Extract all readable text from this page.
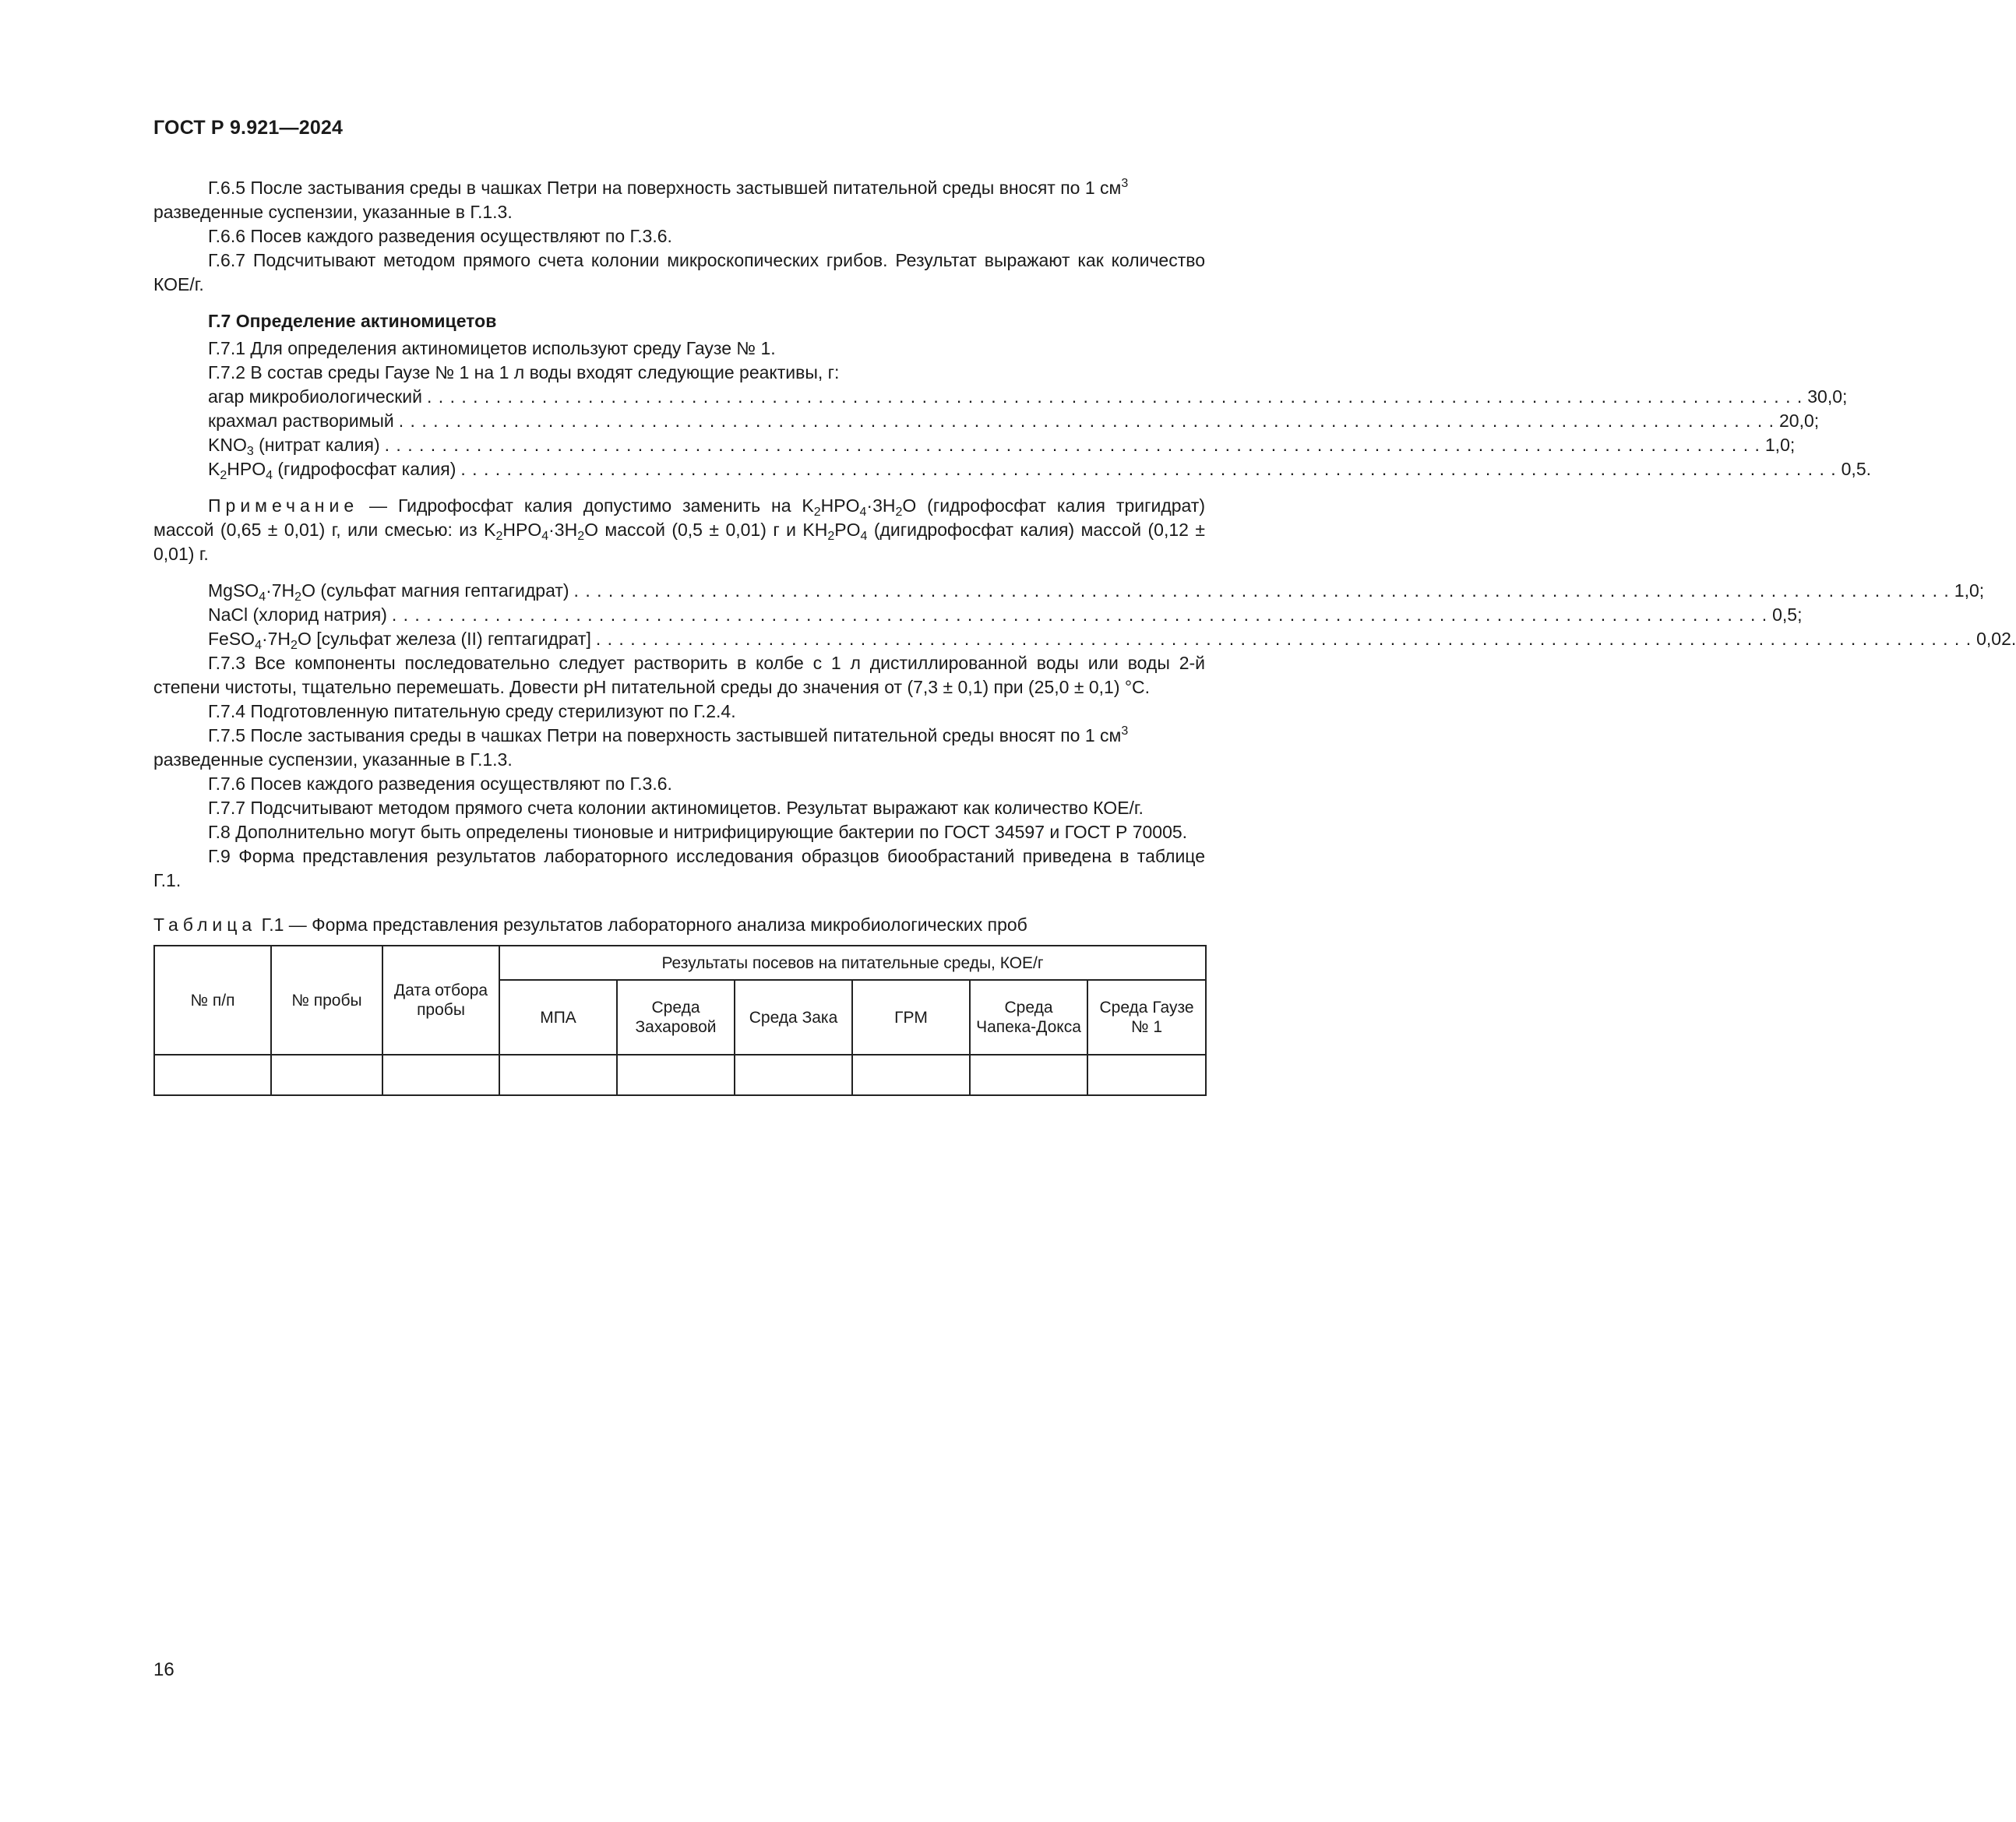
ГОСТ Р 9.921—2024

Г.6.5 После застывания среды в чашках Петри на поверхность застывшей питательной среды вносят по 1 $см^3$

разведенные суспензии, указанные в Г.1.3.

Г.6.6 Посев каждого разведения осуществляют по Г.3.6.

Г.6.7 Подсчитывают методом прямого счета колонии микроскопических грибов. Результат выражают как количество КОЕ/г.

Г.7 Определение актиномицетов

Г.7.1 Для определения актиномицетов используют среду Гаузе № 1.

Г.7.2 В состав среды Гаузе № 1 на 1 л воды входят следующие реактивы, г:

агар микробиологический . . . . . . . . . . . . . . . . . . . . . . . . . . . . . . . . . . . . . . . . . . . . . . . . . . . . . . . . . . . . . . . . . . . . . . . . . . . . . . . . . . . . . . . . . . . . . . . . . . . . . . . . . . . . . . . . . . . . . . . . 30,0;
крахмал растворимый . . . . . . . . . . . . . . . . . . . . . . . . . . . . . . . . . . . . . . . . . . . . . . . . . . . . . . . . . . . . . . . . . . . . . . . . . . . . . . . . . . . . . . . . . . . . . . . . . . . . . . . . . . . . . . . . . . . . . . . . 20,0;
$KNO_3$ (нитрат калия) . . . . . . . . . . . . . . . . . . . . . . . . . . . . . . . . . . . . . . . . . . . . . . . . . . . . . . . . . . . . . . . . . . . . . . . . . . . . . . . . . . . . . . . . . . . . . . . . . . . . . . . . . . . . . . . . . . . . . . . . 1,0;
$K_2HPO_4$ (гидрофосфат калия) . . . . . . . . . . . . . . . . . . . . . . . . . . . . . . . . . . . . . . . . . . . . . . . . . . . . . . . . . . . . . . . . . . . . . . . . . . . . . . . . . . . . . . . . . . . . . . . . . . . . . . . . . . . . . . . . . . . . . . . . 0,5.

Примечание — Гидрофосфат калия допустимо заменить на $K_2HPO_4\cdot 3H_2O$ (гидрофосфат калия тригидрат) массой (0,65 ± 0,01) г, или смесью: из $K_2HPO_4\cdot 3H_2O$ массой (0,5 ± 0,01) г и $KH_2PO_4$ (дигидрофосфат калия) массой (0,12 ± 0,01) г.

$MgSO_4\cdot 7H_2O$ (сульфат магния гептагидрат) . . . . . . . . . . . . . . . . . . . . . . . . . . . . . . . . . . . . . . . . . . . . . . . . . . . . . . . . . . . . . . . . . . . . . . . . . . . . . . . . . . . . . . . . . . . . . . . . . . . . . . . . . . . . . . . . . . . . . . . . 1,0;
NaCl (хлорид натрия) . . . . . . . . . . . . . . . . . . . . . . . . . . . . . . . . . . . . . . . . . . . . . . . . . . . . . . . . . . . . . . . . . . . . . . . . . . . . . . . . . . . . . . . . . . . . . . . . . . . . . . . . . . . . . . . . . . . . . . . . 0,5;
$FeSO_4\cdot 7H_2O$ [сульфат железа (II) гептагидрат] . . . . . . . . . . . . . . . . . . . . . . . . . . . . . . . . . . . . . . . . . . . . . . . . . . . . . . . . . . . . . . . . . . . . . . . . . . . . . . . . . . . . . . . . . . . . . . . . . . . . . . . . . . . . . . . . . . . . . . . . 0,02.

Г.7.3 Все компоненты последовательно следует растворить в колбе с 1 л дистиллированной воды или воды 2-й степени чистоты, тщательно перемешать. Довести pH питательной среды до значения от (7,3 ± 0,1) при (25,0 ± 0,1) °С.

Г.7.4 Подготовленную питательную среду стерилизуют по Г.2.4.

Г.7.5 После застывания среды в чашках Петри на поверхность застывшей питательной среды вносят по 1 $см^3$

разведенные суспензии, указанные в Г.1.3.

Г.7.6 Посев каждого разведения осуществляют по Г.3.6.

Г.7.7 Подсчитывают методом прямого счета колонии актиномицетов. Результат выражают как количество КОЕ/г.

Г.8 Дополнительно могут быть определены тионовые и нитрифицирующие бактерии по ГОСТ 34597 и ГОСТ Р 70005.

Г.9 Форма представления результатов лабораторного исследования образцов биообрастаний приведена в таблице Г.1.

Таблица Г.1 — Форма представления результатов лабораторного анализа микробиологических проб
№ п/п	№ пробы	Дата отбора пробы	Результаты посевов на питательные среды, КОЕ/г					
			МПА	Среда Захаровой	Среда Зака	ГРМ	Среда Чапека-Докса	Среда Гаузе № 1

16
